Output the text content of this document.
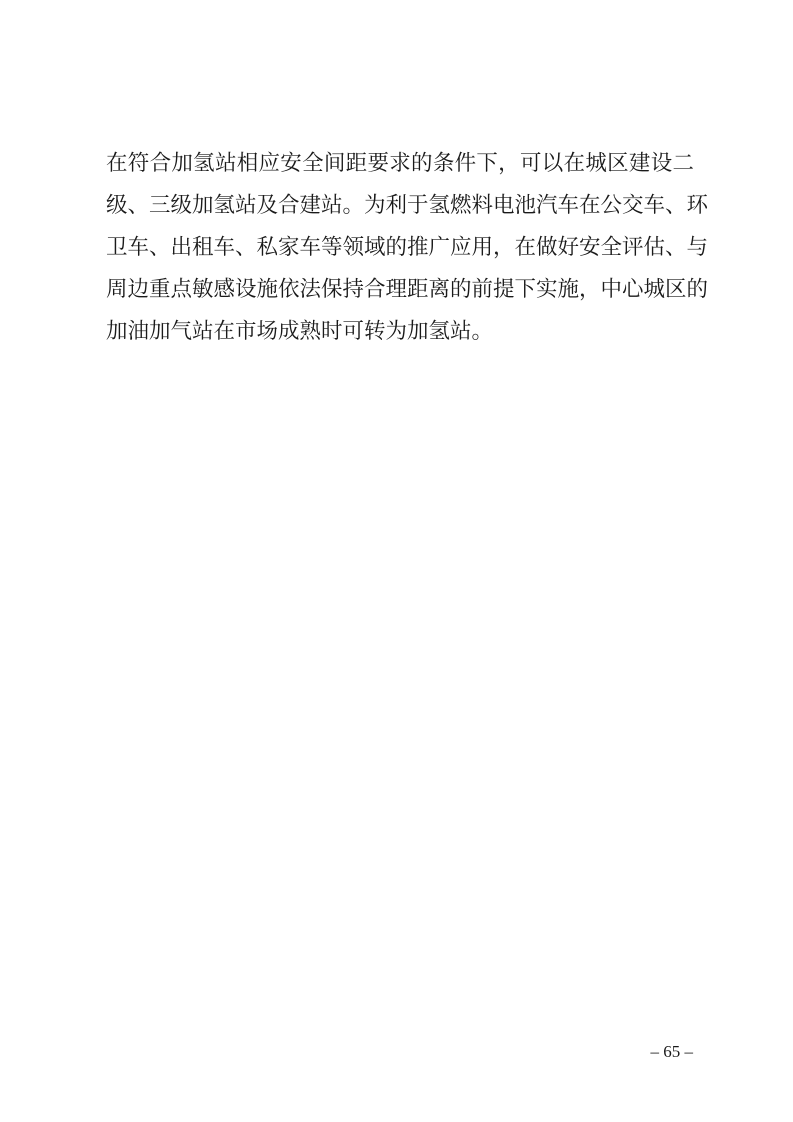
在符合加氢站相应安全间距要求的条件下，可以在城区建设二
级、三级加氢站及合建站。为利于氢燃料电池汽车在公交车、环
卫车、出租车、私家车等领域的推广应用，在做好安全评估、与
周边重点敏感设施依法保持合理距离的前提下实施，中心城区的
加油加气站在市场成熟时可转为加氢站。
– 65 –
